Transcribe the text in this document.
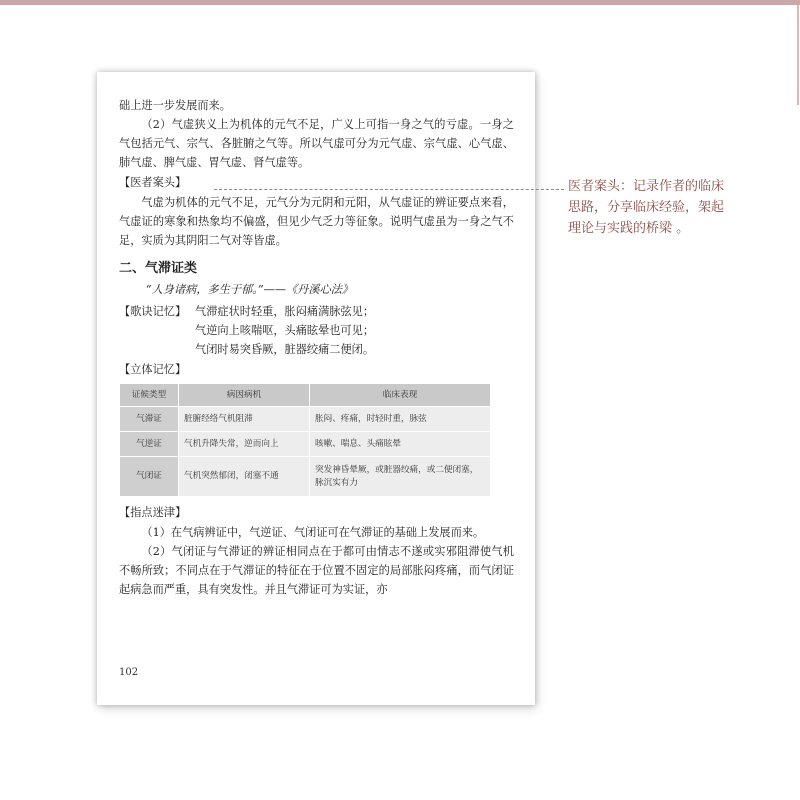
础上进一步发展而来。

（2）气虚狭义上为机体的元气不足，广义上可指一身之气的亏虚。一身之气包括元气、宗气、各脏腑之气等。所以气虚可分为元气虚、宗气虚、心气虚、肺气虚、脾气虚、胃气虚、肾气虚等。

【医者案头】

气虚为机体的元气不足，元气分为元阴和元阳，从气虚证的辨证要点来看，气虚证的寒象和热象均不偏盛，但见少气乏力等征象。说明气虚虽为一身之气不足，实质为其阴阳二气对等皆虚。

二、气滞证类

“人身诸病，多生于郁。”——《丹溪心法》

【歌诀记忆】 气滞症状时轻重，胀闷痛满脉弦见；
气逆向上咳喘呕，头痛眩晕也可见；
气闭时易突昏厥，脏器绞痛二便闭。

【立体记忆】

证候类型	病因病机	临床表现
气滞证	脏腑经络气机阻滞	胀闷、疼痛，时轻时重，脉弦
气逆证	气机升降失常，逆而向上	咳嗽、喘息、头痛眩晕
气闭证	气机突然郁闭，闭塞不通	突发神昏晕厥，或脏器绞痛，或二便闭塞，脉沉实有力

【指点迷津】

（1）在气病辨证中，气逆证、气闭证可在气滞证的基础上发展而来。

（2）气闭证与气滞证的辨证相同点在于都可由情志不遂或实邪阻滞使气机不畅所致；不同点在于气滞证的特征在于位置不固定的局部胀闷疼痛，而气闭证起病急而严重，具有突发性。并且气滞证可为实证，亦

102
医者案头：记录作者的临床思路，分享临床经验，架起理论与实践的桥梁 。
